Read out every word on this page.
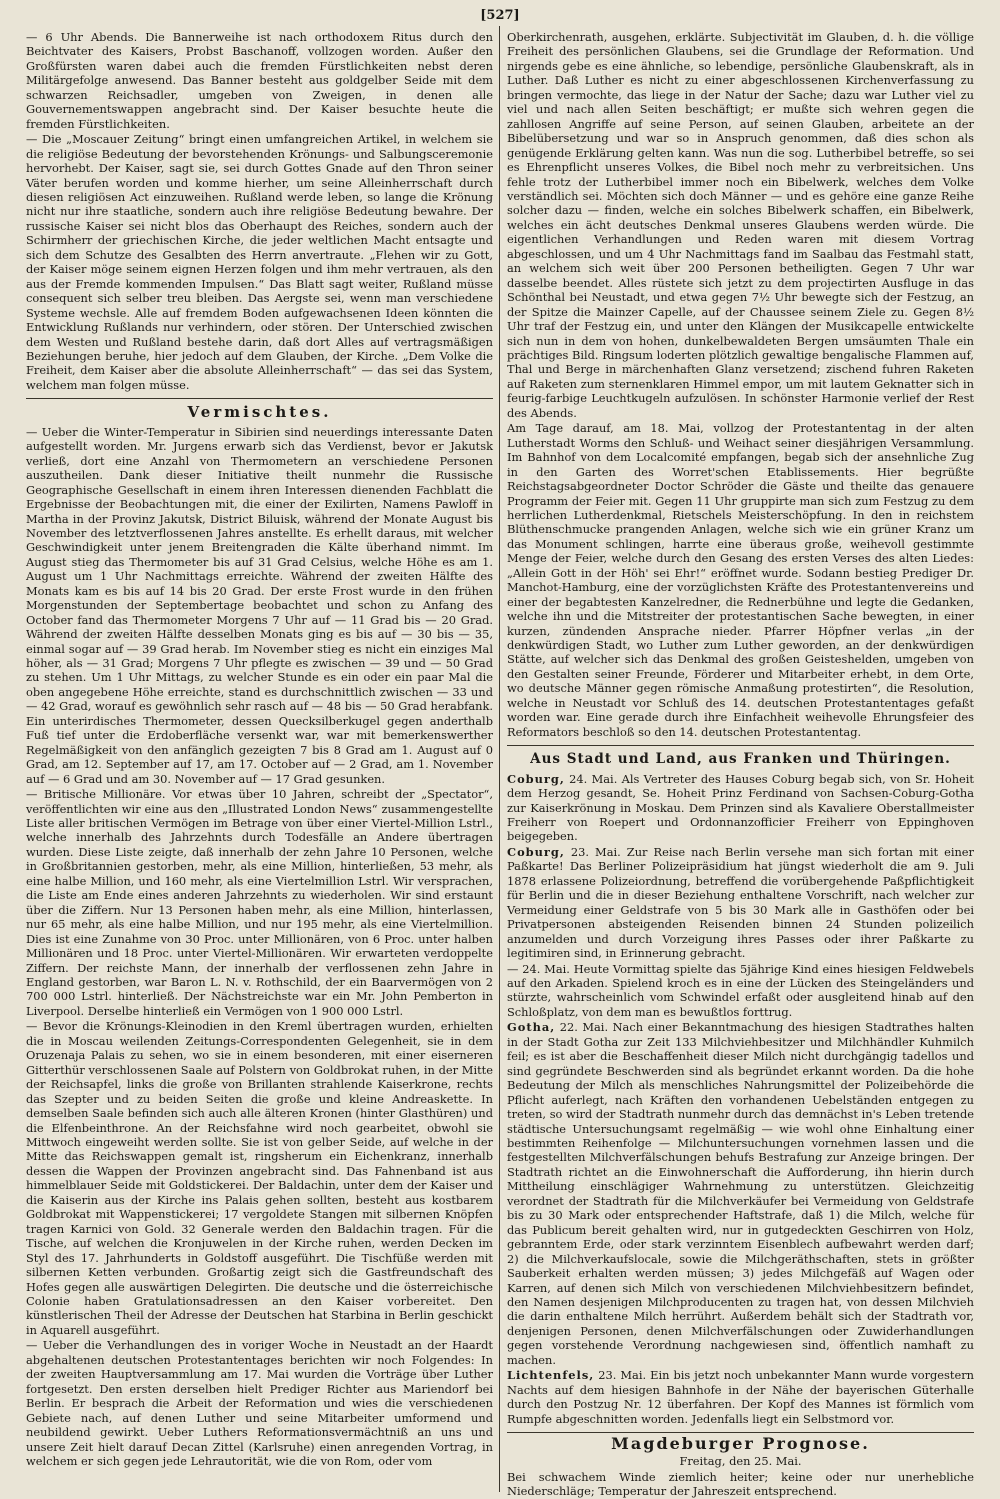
[527]

— 6 Uhr Abends. Die Bannerweihe ist nach orthodoxem Ritus durch den Beichtvater des Kaisers, Probst Baschanoff, vollzogen worden. Außer den Großfürsten waren dabei auch die fremden Fürstlichkeiten nebst deren Militärgefolge anwesend. Das Banner besteht aus goldgelber Seide mit dem schwarzen Reichsadler, umgeben von Zweigen, in denen alle Gouvernementswappen angebracht sind. Der Kaiser besuchte heute die fremden Fürstlichkeiten.

— Die „Moscauer Zeitung“ bringt einen umfangreichen Artikel, in welchem sie die religiöse Bedeutung der bevorstehenden Krönungs- und Salbungsceremonie hervorhebt. Der Kaiser, sagt sie, sei durch Gottes Gnade auf den Thron seiner Väter berufen worden und komme hierher, um seine Alleinherrschaft durch diesen religiösen Act einzuweihen. Rußland werde leben, so lange die Krönung nicht nur ihre staatliche, sondern auch ihre religiöse Bedeutung bewahre. Der russische Kaiser sei nicht blos das Oberhaupt des Reiches, sondern auch der Schirmherr der griechischen Kirche, die jeder weltlichen Macht entsagte und sich dem Schutze des Gesalbten des Herrn anvertraute. „Flehen wir zu Gott, der Kaiser möge seinem eignen Herzen folgen und ihm mehr vertrauen, als den aus der Fremde kommenden Impulsen.“ Das Blatt sagt weiter, Rußland müsse consequent sich selber treu bleiben. Das Aergste sei, wenn man verschiedene Systeme wechsle. Alle auf fremdem Boden aufgewachsenen Ideen könnten die Entwicklung Rußlands nur verhindern, oder stören. Der Unterschied zwischen dem Westen und Rußland bestehe darin, daß dort Alles auf vertragsmäßigen Beziehungen beruhe, hier jedoch auf dem Glauben, der Kirche. „Dem Volke die Freiheit, dem Kaiser aber die absolute Alleinherrschaft“ — das sei das System, welchem man folgen müsse.

Vermischtes.

— Ueber die Winter-Temperatur in Sibirien sind neuerdings interessante Daten aufgestellt worden. Mr. Jurgens erwarb sich das Verdienst, bevor er Jakutsk verließ, dort eine Anzahl von Thermometern an verschiedene Personen auszutheilen. Dank dieser Initiative theilt nunmehr die Russische Geographische Gesellschaft in einem ihren Interessen dienenden Fachblatt die Ergebnisse der Beobachtungen mit, die einer der Exilirten, Namens Pawloff in Martha in der Provinz Jakutsk, District Biluisk, während der Monate August bis November des letztverflossenen Jahres anstellte. Es erhellt daraus, mit welcher Geschwindigkeit unter jenem Breitengraden die Kälte überhand nimmt. Im August stieg das Thermometer bis auf 31 Grad Celsius, welche Höhe es am 1. August um 1 Uhr Nachmittags erreichte. Während der zweiten Hälfte des Monats kam es bis auf 14 bis 20 Grad. Der erste Frost wurde in den frühen Morgenstunden der Septembertage beobachtet und schon zu Anfang des October fand das Thermometer Morgens 7 Uhr auf — 11 Grad bis — 20 Grad. Während der zweiten Hälfte desselben Monats ging es bis auf — 30 bis — 35, einmal sogar auf — 39 Grad herab. Im November stieg es nicht ein einziges Mal höher, als — 31 Grad; Morgens 7 Uhr pflegte es zwischen — 39 und — 50 Grad zu stehen. Um 1 Uhr Mittags, zu welcher Stunde es ein oder ein paar Mal die oben angegebene Höhe erreichte, stand es durchschnittlich zwischen — 33 und — 42 Grad, worauf es gewöhnlich sehr rasch auf — 48 bis — 50 Grad herabfank. Ein unterirdisches Thermometer, dessen Quecksilberkugel gegen anderthalb Fuß tief unter die Erdoberfläche versenkt war, war mit bemerkenswerther Regelmäßigkeit von den anfänglich gezeigten 7 bis 8 Grad am 1. August auf 0 Grad, am 12. September auf 17, am 17. October auf — 2 Grad, am 1. November auf — 6 Grad und am 30. November auf — 17 Grad gesunken.

— Britische Millionäre. Vor etwas über 10 Jahren, schreibt der „Spectator“, veröffentlichten wir eine aus den „Illustrated London News“ zusammengestellte Liste aller britischen Vermögen im Betrage von über einer Viertel-Million Lstrl., welche innerhalb des Jahrzehnts durch Todesfälle an Andere übertragen wurden. Diese Liste zeigte, daß innerhalb der zehn Jahre 10 Personen, welche in Großbritannien gestorben, mehr, als eine Million, hinterließen, 53 mehr, als eine halbe Million, und 160 mehr, als eine Viertelmillion Lstrl. Wir versprachen, die Liste am Ende eines anderen Jahrzehnts zu wiederholen. Wir sind erstaunt über die Ziffern. Nur 13 Personen haben mehr, als eine Million, hinterlassen, nur 65 mehr, als eine halbe Million, und nur 195 mehr, als eine Viertelmillion. Dies ist eine Zunahme von 30 Proc. unter Millionären, von 6 Proc. unter halben Millionären und 18 Proc. unter Viertel-Millionären. Wir erwarteten verdoppelte Ziffern. Der reichste Mann, der innerhalb der verflossenen zehn Jahre in England gestorben, war Baron L. N. v. Rothschild, der ein Baarvermögen von 2 700 000 Lstrl. hinterließ. Der Nächstreichste war ein Mr. John Pemberton in Liverpool. Derselbe hinterließ ein Vermögen von 1 900 000 Lstrl.

— Bevor die Krönungs-Kleinodien in den Kreml übertragen wurden, erhielten die in Moscau weilenden Zeitungs-Correspondenten Gelegenheit, sie in dem Oruzenaja Palais zu sehen, wo sie in einem besonderen, mit einer eiserneren Gitterthür verschlossenen Saale auf Polstern von Goldbrokat ruhen, in der Mitte der Reichsapfel, links die große von Brillanten strahlende Kaiserkrone, rechts das Szepter und zu beiden Seiten die große und kleine Andreaskette. In demselben Saale befinden sich auch alle älteren Kronen (hinter Glasthüren) und die Elfenbeinthrone. An der Reichsfahne wird noch gearbeitet, obwohl sie Mittwoch eingeweiht werden sollte. Sie ist von gelber Seide, auf welche in der Mitte das Reichswappen gemalt ist, ringsherum ein Eichenkranz, innerhalb dessen die Wappen der Provinzen angebracht sind. Das Fahnenband ist aus himmelblauer Seide mit Goldstickerei. Der Baldachin, unter dem der Kaiser und die Kaiserin aus der Kirche ins Palais gehen sollten, besteht aus kostbarem Goldbrokat mit Wappenstickerei; 17 vergoldete Stangen mit silbernen Knöpfen tragen Karnici von Gold. 32 Generale werden den Baldachin tragen. Für die Tische, auf welchen die Kronjuwelen in der Kirche ruhen, werden Decken im Styl des 17. Jahrhunderts in Goldstoff ausgeführt. Die Tischfüße werden mit silbernen Ketten verbunden. Großartig zeigt sich die Gastfreundschaft des Hofes gegen alle auswärtigen Delegirten. Die deutsche und die österreichische Colonie haben Gratulationsadressen an den Kaiser vorbereitet. Den künstlerischen Theil der Adresse der Deutschen hat Starbina in Berlin geschickt in Aquarell ausgeführt.

— Ueber die Verhandlungen des in voriger Woche in Neustadt an der Haardt abgehaltenen deutschen Protestantentages berichten wir noch Folgendes: In der zweiten Hauptversammlung am 17. Mai wurden die Vorträge über Luther fortgesetzt. Den ersten derselben hielt Prediger Richter aus Mariendorf bei Berlin. Er besprach die Arbeit der Reformation und wies die verschiedenen Gebiete nach, auf denen Luther und seine Mitarbeiter umformend und neubildend gewirkt. Ueber Luthers Reformationsvermächtniß an uns und unsere Zeit hielt darauf Decan Zittel (Karlsruhe) einen anregenden Vortrag, in welchem er sich gegen jede Lehrautorität, wie die von Rom, oder vom

Oberkirchenrath, ausgehen, erklärte. Subjectivität im Glauben, d. h. die völlige Freiheit des persönlichen Glaubens, sei die Grundlage der Reformation. Und nirgends gebe es eine ähnliche, so lebendige, persönliche Glaubenskraft, als in Luther. Daß Luther es nicht zu einer abgeschlossenen Kirchenverfassung zu bringen vermochte, das liege in der Natur der Sache; dazu war Luther viel zu viel und nach allen Seiten beschäftigt; er mußte sich wehren gegen die zahllosen Angriffe auf seine Person, auf seinen Glauben, arbeitete an der Bibelübersetzung und war so in Anspruch genommen, daß dies schon als genügende Erklärung gelten kann. Was nun die sog. Lutherbibel betreffe, so sei es Ehrenpflicht unseres Volkes, die Bibel noch mehr zu verbreitsichen. Uns fehle trotz der Lutherbibel immer noch ein Bibelwerk, welches dem Volke verständlich sei. Möchten sich doch Männer — und es gehöre eine ganze Reihe solcher dazu — finden, welche ein solches Bibelwerk schaffen, ein Bibelwerk, welches ein ächt deutsches Denkmal unseres Glaubens werden würde. Die eigentlichen Verhandlungen und Reden waren mit diesem Vortrag abgeschlossen, und um 4 Uhr Nachmittags fand im Saalbau das Festmahl statt, an welchem sich weit über 200 Personen betheiligten. Gegen 7 Uhr war dasselbe beendet. Alles rüstete sich jetzt zu dem projectirten Ausfluge in das Schönthal bei Neustadt, und etwa gegen 7½ Uhr bewegte sich der Festzug, an der Spitze die Mainzer Capelle, auf der Chaussee seinem Ziele zu. Gegen 8½ Uhr traf der Festzug ein, und unter den Klängen der Musikcapelle entwickelte sich nun in dem von hohen, dunkelbewaldeten Bergen umsäumten Thale ein prächtiges Bild. Ringsum loderten plötzlich gewaltige bengalische Flammen auf, Thal und Berge in märchenhaften Glanz versetzend; zischend fuhren Raketen auf Raketen zum sternenklaren Himmel empor, um mit lautem Geknatter sich in feurig-farbige Leuchtkugeln aufzulösen. In schönster Harmonie verlief der Rest des Abends.

Am Tage darauf, am 18. Mai, vollzog der Protestantentag in der alten Lutherstadt Worms den Schluß- und Weihact seiner diesjährigen Versammlung. Im Bahnhof von dem Localcomité empfangen, begab sich der ansehnliche Zug in den Garten des Worret'schen Etablissements. Hier begrüßte Reichstagsabgeordneter Doctor Schröder die Gäste und theilte das genauere Programm der Feier mit. Gegen 11 Uhr gruppirte man sich zum Festzug zu dem herrlichen Lutherdenkmal, Rietschels Meisterschöpfung. In den in reichstem Blüthenschmucke prangenden Anlagen, welche sich wie ein grüner Kranz um das Monument schlingen, harrte eine überaus große, weihevoll gestimmte Menge der Feier, welche durch den Gesang des ersten Verses des alten Liedes: „Allein Gott in der Höh' sei Ehr!“ eröffnet wurde. Sodann bestieg Prediger Dr. Manchot-Hamburg, eine der vorzüglichsten Kräfte des Protestantenvereins und einer der begabtesten Kanzelredner, die Rednerbühne und legte die Gedanken, welche ihn und die Mitstreiter der protestantischen Sache bewegten, in einer kurzen, zündenden Ansprache nieder. Pfarrer Höpfner verlas „in der denkwürdigen Stadt, wo Luther zum Luther geworden, an der denkwürdigen Stätte, auf welcher sich das Denkmal des großen Geisteshelden, umgeben von den Gestalten seiner Freunde, Förderer und Mitarbeiter erhebt, in dem Orte, wo deutsche Männer gegen römische Anmaßung protestirten“, die Resolution, welche in Neustadt vor Schluß des 14. deutschen Protestantentages gefaßt worden war. Eine gerade durch ihre Einfachheit weihevolle Ehrungsfeier des Reformators beschloß so den 14. deutschen Protestantentag.

Aus Stadt und Land, aus Franken und Thüringen.

Coburg, 24. Mai. Als Vertreter des Hauses Coburg begab sich, von Sr. Hoheit dem Herzog gesandt, Se. Hoheit Prinz Ferdinand von Sachsen-Coburg-Gotha zur Kaiserkrönung in Moskau. Dem Prinzen sind als Kavaliere Oberstallmeister Freiherr von Roepert und Ordonnanzofficier Freiherr von Eppinghoven beigegeben.

Coburg, 23. Mai. Zur Reise nach Berlin versehe man sich fortan mit einer Paßkarte! Das Berliner Polizeipräsidium hat jüngst wiederholt die am 9. Juli 1878 erlassene Polizeiordnung, betreffend die vorübergehende Paßpflichtigkeit für Berlin und die in dieser Beziehung enthaltene Vorschrift, nach welcher zur Vermeidung einer Geldstrafe von 5 bis 30 Mark alle in Gasthöfen oder bei Privatpersonen absteigenden Reisenden binnen 24 Stunden polizeilich anzumelden und durch Vorzeigung ihres Passes oder ihrer Paßkarte zu legitimiren sind, in Erinnerung gebracht.

— 24. Mai. Heute Vormittag spielte das 5jährige Kind eines hiesigen Feldwebels auf den Arkaden. Spielend kroch es in eine der Lücken des Steingeländers und stürzte, wahrscheinlich vom Schwindel erfaßt oder ausgleitend hinab auf den Schloßplatz, von dem man es bewußtlos forttrug.

Gotha, 22. Mai. Nach einer Bekanntmachung des hiesigen Stadtrathes halten in der Stadt Gotha zur Zeit 133 Milchviehbesitzer und Milchhändler Kuhmilch feil; es ist aber die Beschaffenheit dieser Milch nicht durchgängig tadellos und sind gegründete Beschwerden sind als begründet erkannt worden. Da die hohe Bedeutung der Milch als menschliches Nahrungsmittel der Polizeibehörde die Pflicht auferlegt, nach Kräften den vorhandenen Uebelständen entgegen zu treten, so wird der Stadtrath nunmehr durch das demnächst in's Leben tretende städtische Untersuchungsamt regelmäßig — wie wohl ohne Einhaltung einer bestimmten Reihenfolge — Milchuntersuchungen vornehmen lassen und die festgestellten Milchverfälschungen behufs Bestrafung zur Anzeige bringen. Der Stadtrath richtet an die Einwohnerschaft die Aufforderung, ihn hierin durch Mittheilung einschlägiger Wahrnehmung zu unterstützen. Gleichzeitig verordnet der Stadtrath für die Milchverkäufer bei Vermeidung von Geldstrafe bis zu 30 Mark oder entsprechender Haftstrafe, daß 1) die Milch, welche für das Publicum bereit gehalten wird, nur in gutgedeckten Geschirren von Holz, gebranntem Erde, oder stark verzinntem Eisenblech aufbewahrt werden darf; 2) die Milchverkaufslocale, sowie die Milchgeräthschaften, stets in größter Sauberkeit erhalten werden müssen; 3) jedes Milchgefäß auf Wagen oder Karren, auf denen sich Milch von verschiedenen Milchviehbesitzern befindet, den Namen desjenigen Milchproducenten zu tragen hat, von dessen Milchvieh die darin enthaltene Milch herrührt. Außerdem behält sich der Stadtrath vor, denjenigen Personen, denen Milchverfälschungen oder Zuwiderhandlungen gegen vorstehende Verordnung nachgewiesen sind, öffentlich namhaft zu machen.

Lichtenfels, 23. Mai. Ein bis jetzt noch unbekannter Mann wurde vorgestern Nachts auf dem hiesigen Bahnhofe in der Nähe der bayerischen Güterhalle durch den Postzug Nr. 12 überfahren. Der Kopf des Mannes ist förmlich vom Rumpfe abgeschnitten worden. Jedenfalls liegt ein Selbstmord vor.

Magdeburger Prognose.
Freitag, den 25. Mai.

Bei schwachem Winde ziemlich heiter; keine oder nur unerhebliche Niederschläge; Temperatur der Jahreszeit entsprechend.
